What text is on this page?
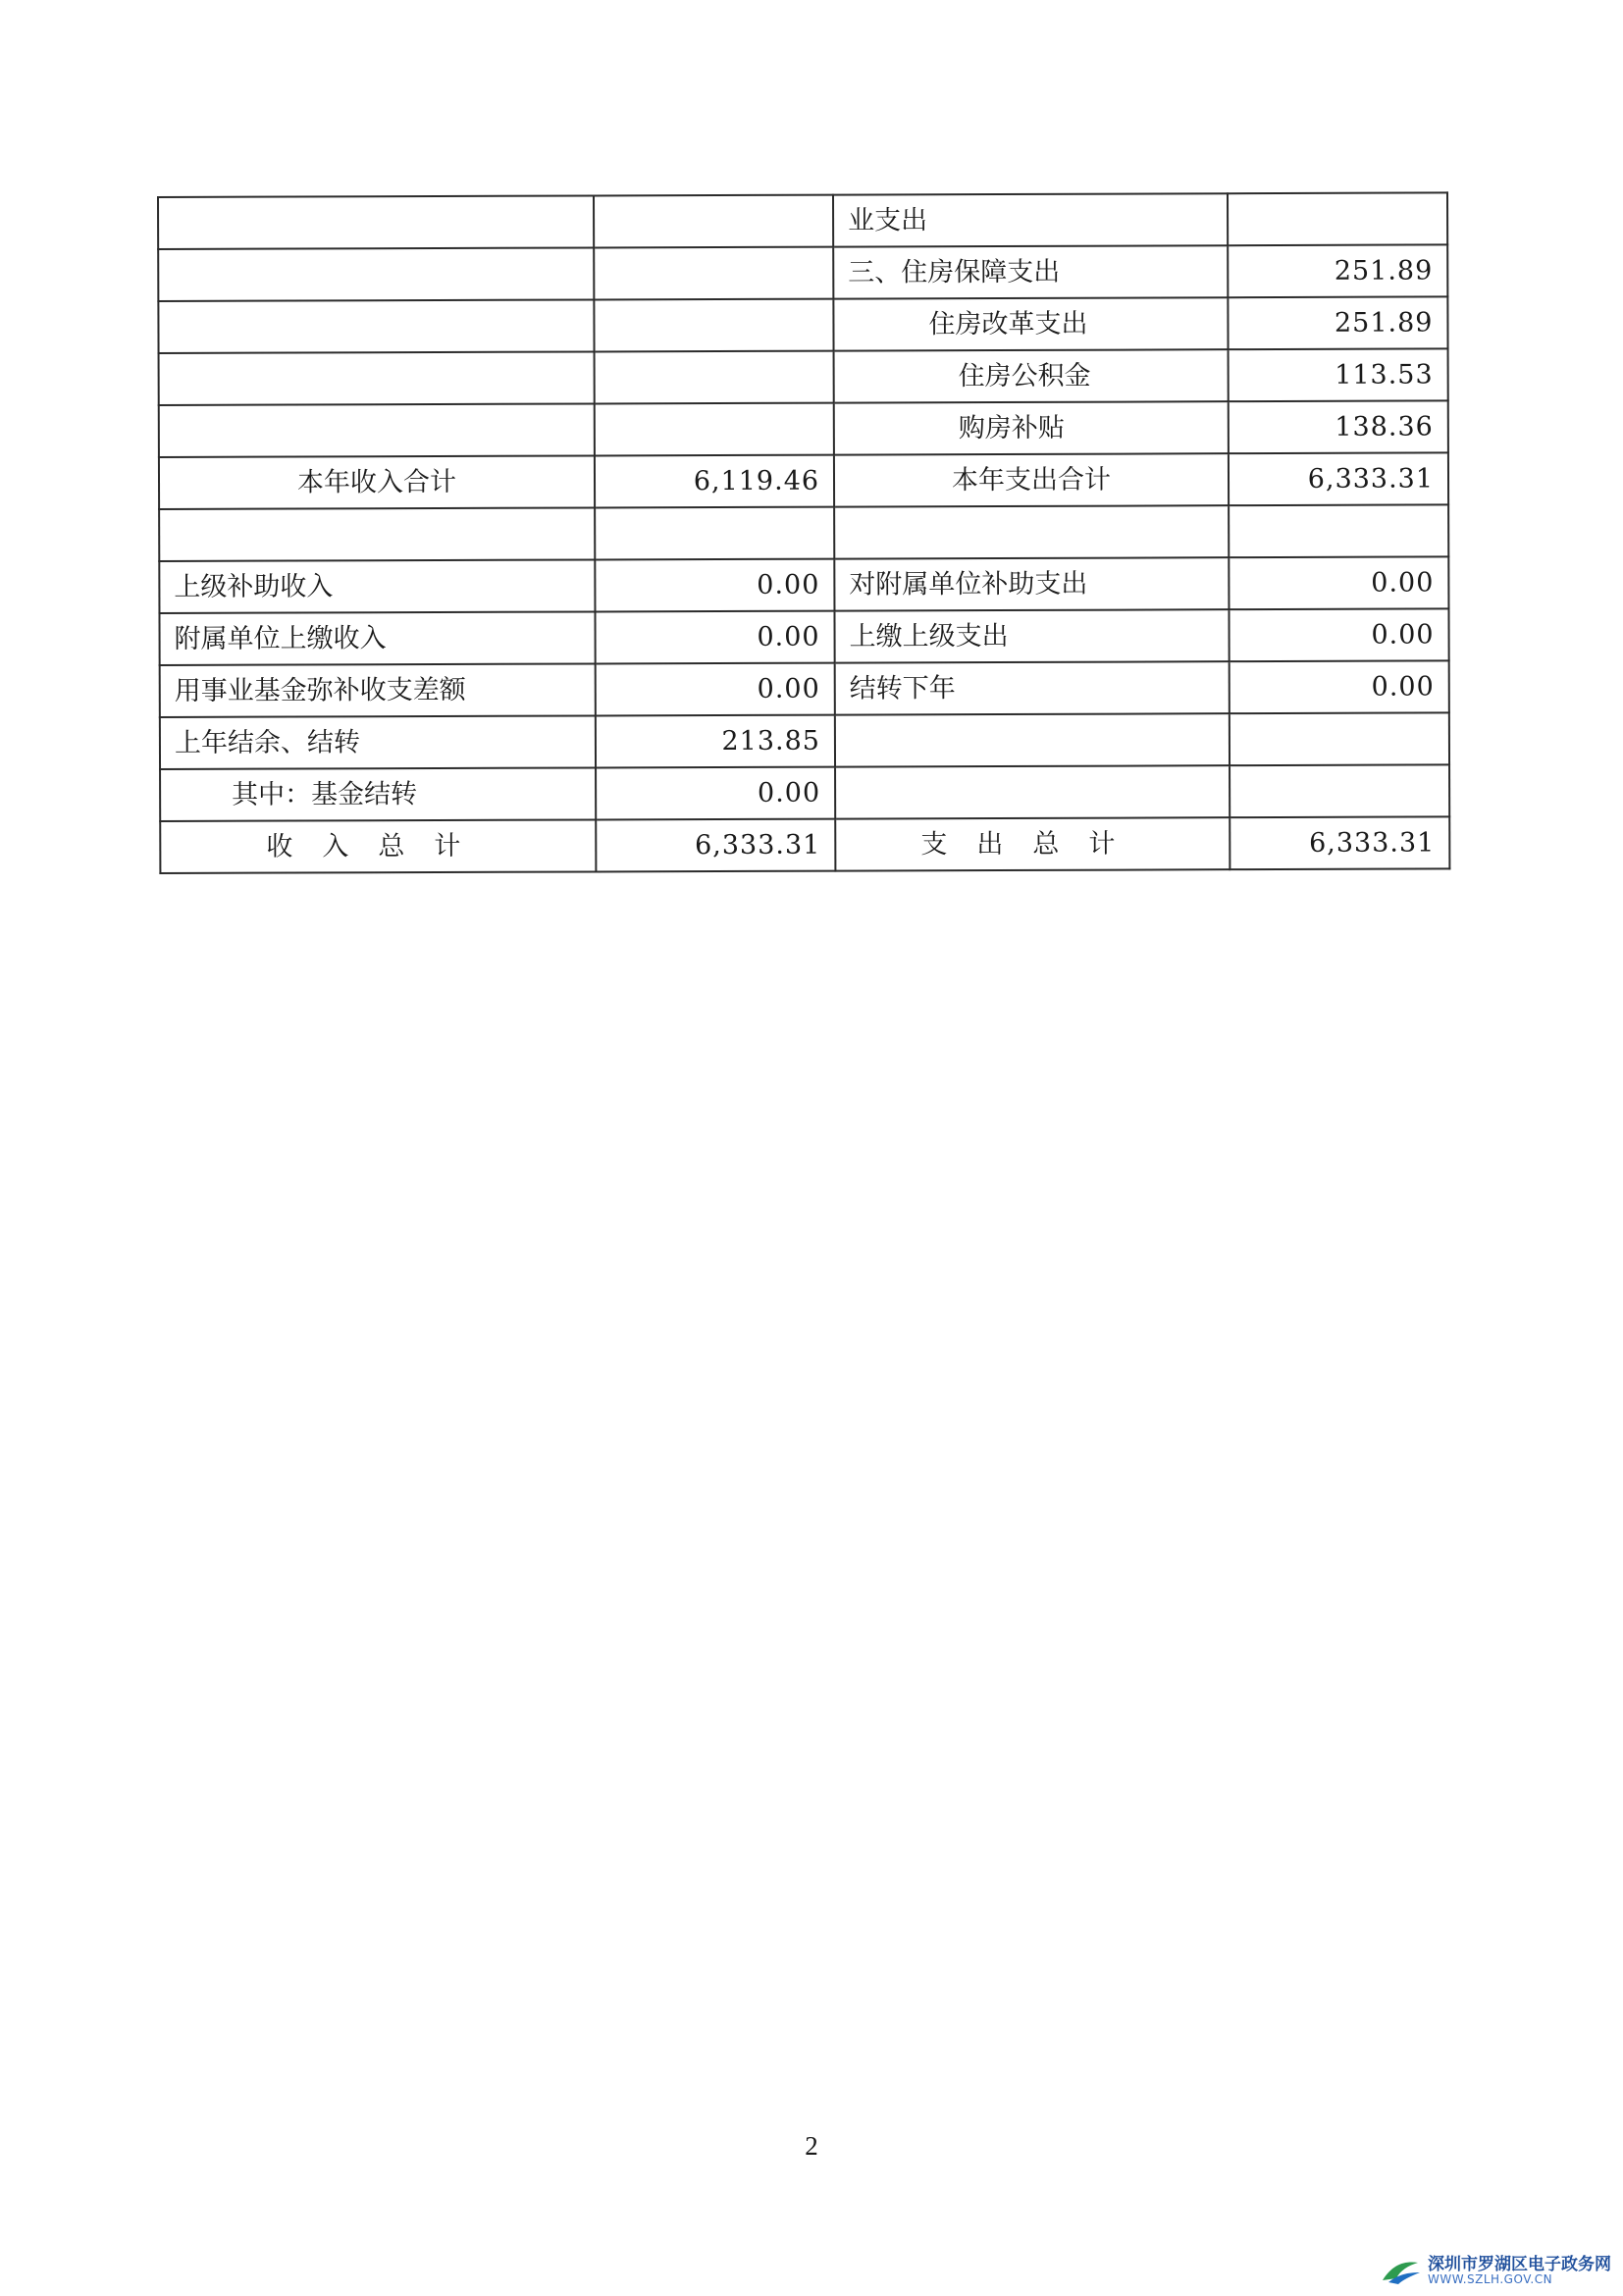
		业支出	
		三、住房保障支出	251.89
		住房改革支出	251.89
		住房公积金	113.53
		购房补贴	138.36
本年收入合计	6,119.46	本年支出合计	6,333.31

上级补助收入	0.00	对附属单位补助支出	0.00
附属单位上缴收入	0.00	上缴上级支出	0.00
用事业基金弥补收支差额	0.00	结转下年	0.00
上年结余、结转	213.85		
其中：基金结转	0.00		
收入总计	6,333.31	支出总计	6,333.31
2
深圳市罗湖区电子政务网
WWW.SZLH.GOV.CN
